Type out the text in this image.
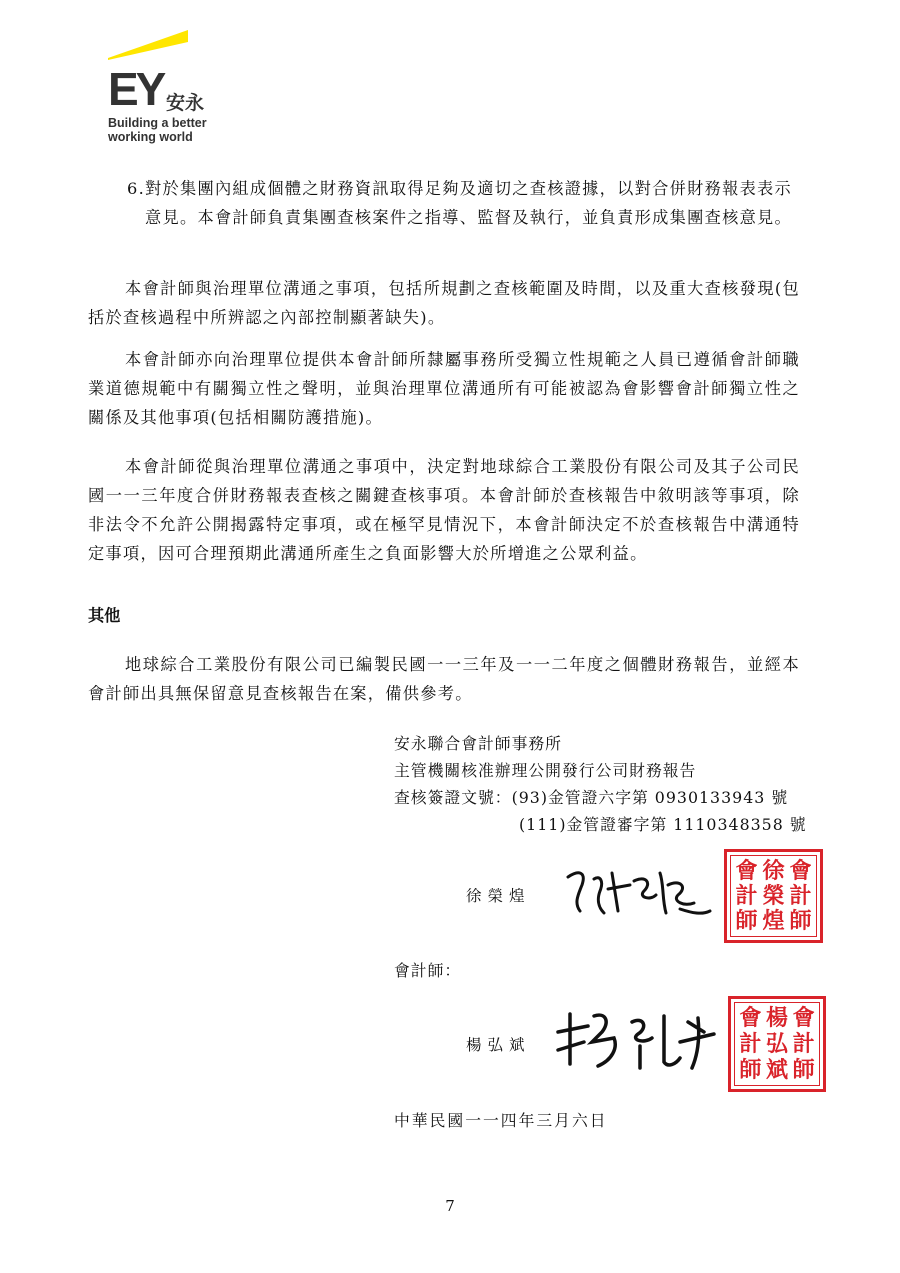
EY 安永
Building a better
working world
6. 對於集團內組成個體之財務資訊取得足夠及適切之查核證據，以對合併財務報表表示意見。本會計師負責集團查核案件之指導、監督及執行，並負責形成集團查核意見。
本會計師與治理單位溝通之事項，包括所規劃之查核範圍及時間，以及重大查核發現(包括於查核過程中所辨認之內部控制顯著缺失)。
本會計師亦向治理單位提供本會計師所隸屬事務所受獨立性規範之人員已遵循會計師職業道德規範中有關獨立性之聲明，並與治理單位溝通所有可能被認為會影響會計師獨立性之關係及其他事項(包括相關防護措施)。
本會計師從與治理單位溝通之事項中，決定對地球綜合工業股份有限公司及其子公司民國一一三年度合併財務報表查核之關鍵查核事項。本會計師於查核報告中敘明該等事項，除非法令不允許公開揭露特定事項，或在極罕見情況下，本會計師決定不於查核報告中溝通特定事項，因可合理預期此溝通所產生之負面影響大於所增進之公眾利益。
其他
地球綜合工業股份有限公司已編製民國一一三年及一一二年度之個體財務報告，並經本會計師出具無保留意見查核報告在案，備供參考。
安永聯合會計師事務所
主管機關核准辦理公開發行公司財務報告
查核簽證文號：(93)金管證六字第 0930133943 號
(111)金管證審字第 1110348358 號
徐榮煌
會 徐 會
計 榮 計
師 煌 師
會計師：
楊弘斌
會 楊 會
計 弘 計
師 斌 師
中華民國一一四年三月六日
7
